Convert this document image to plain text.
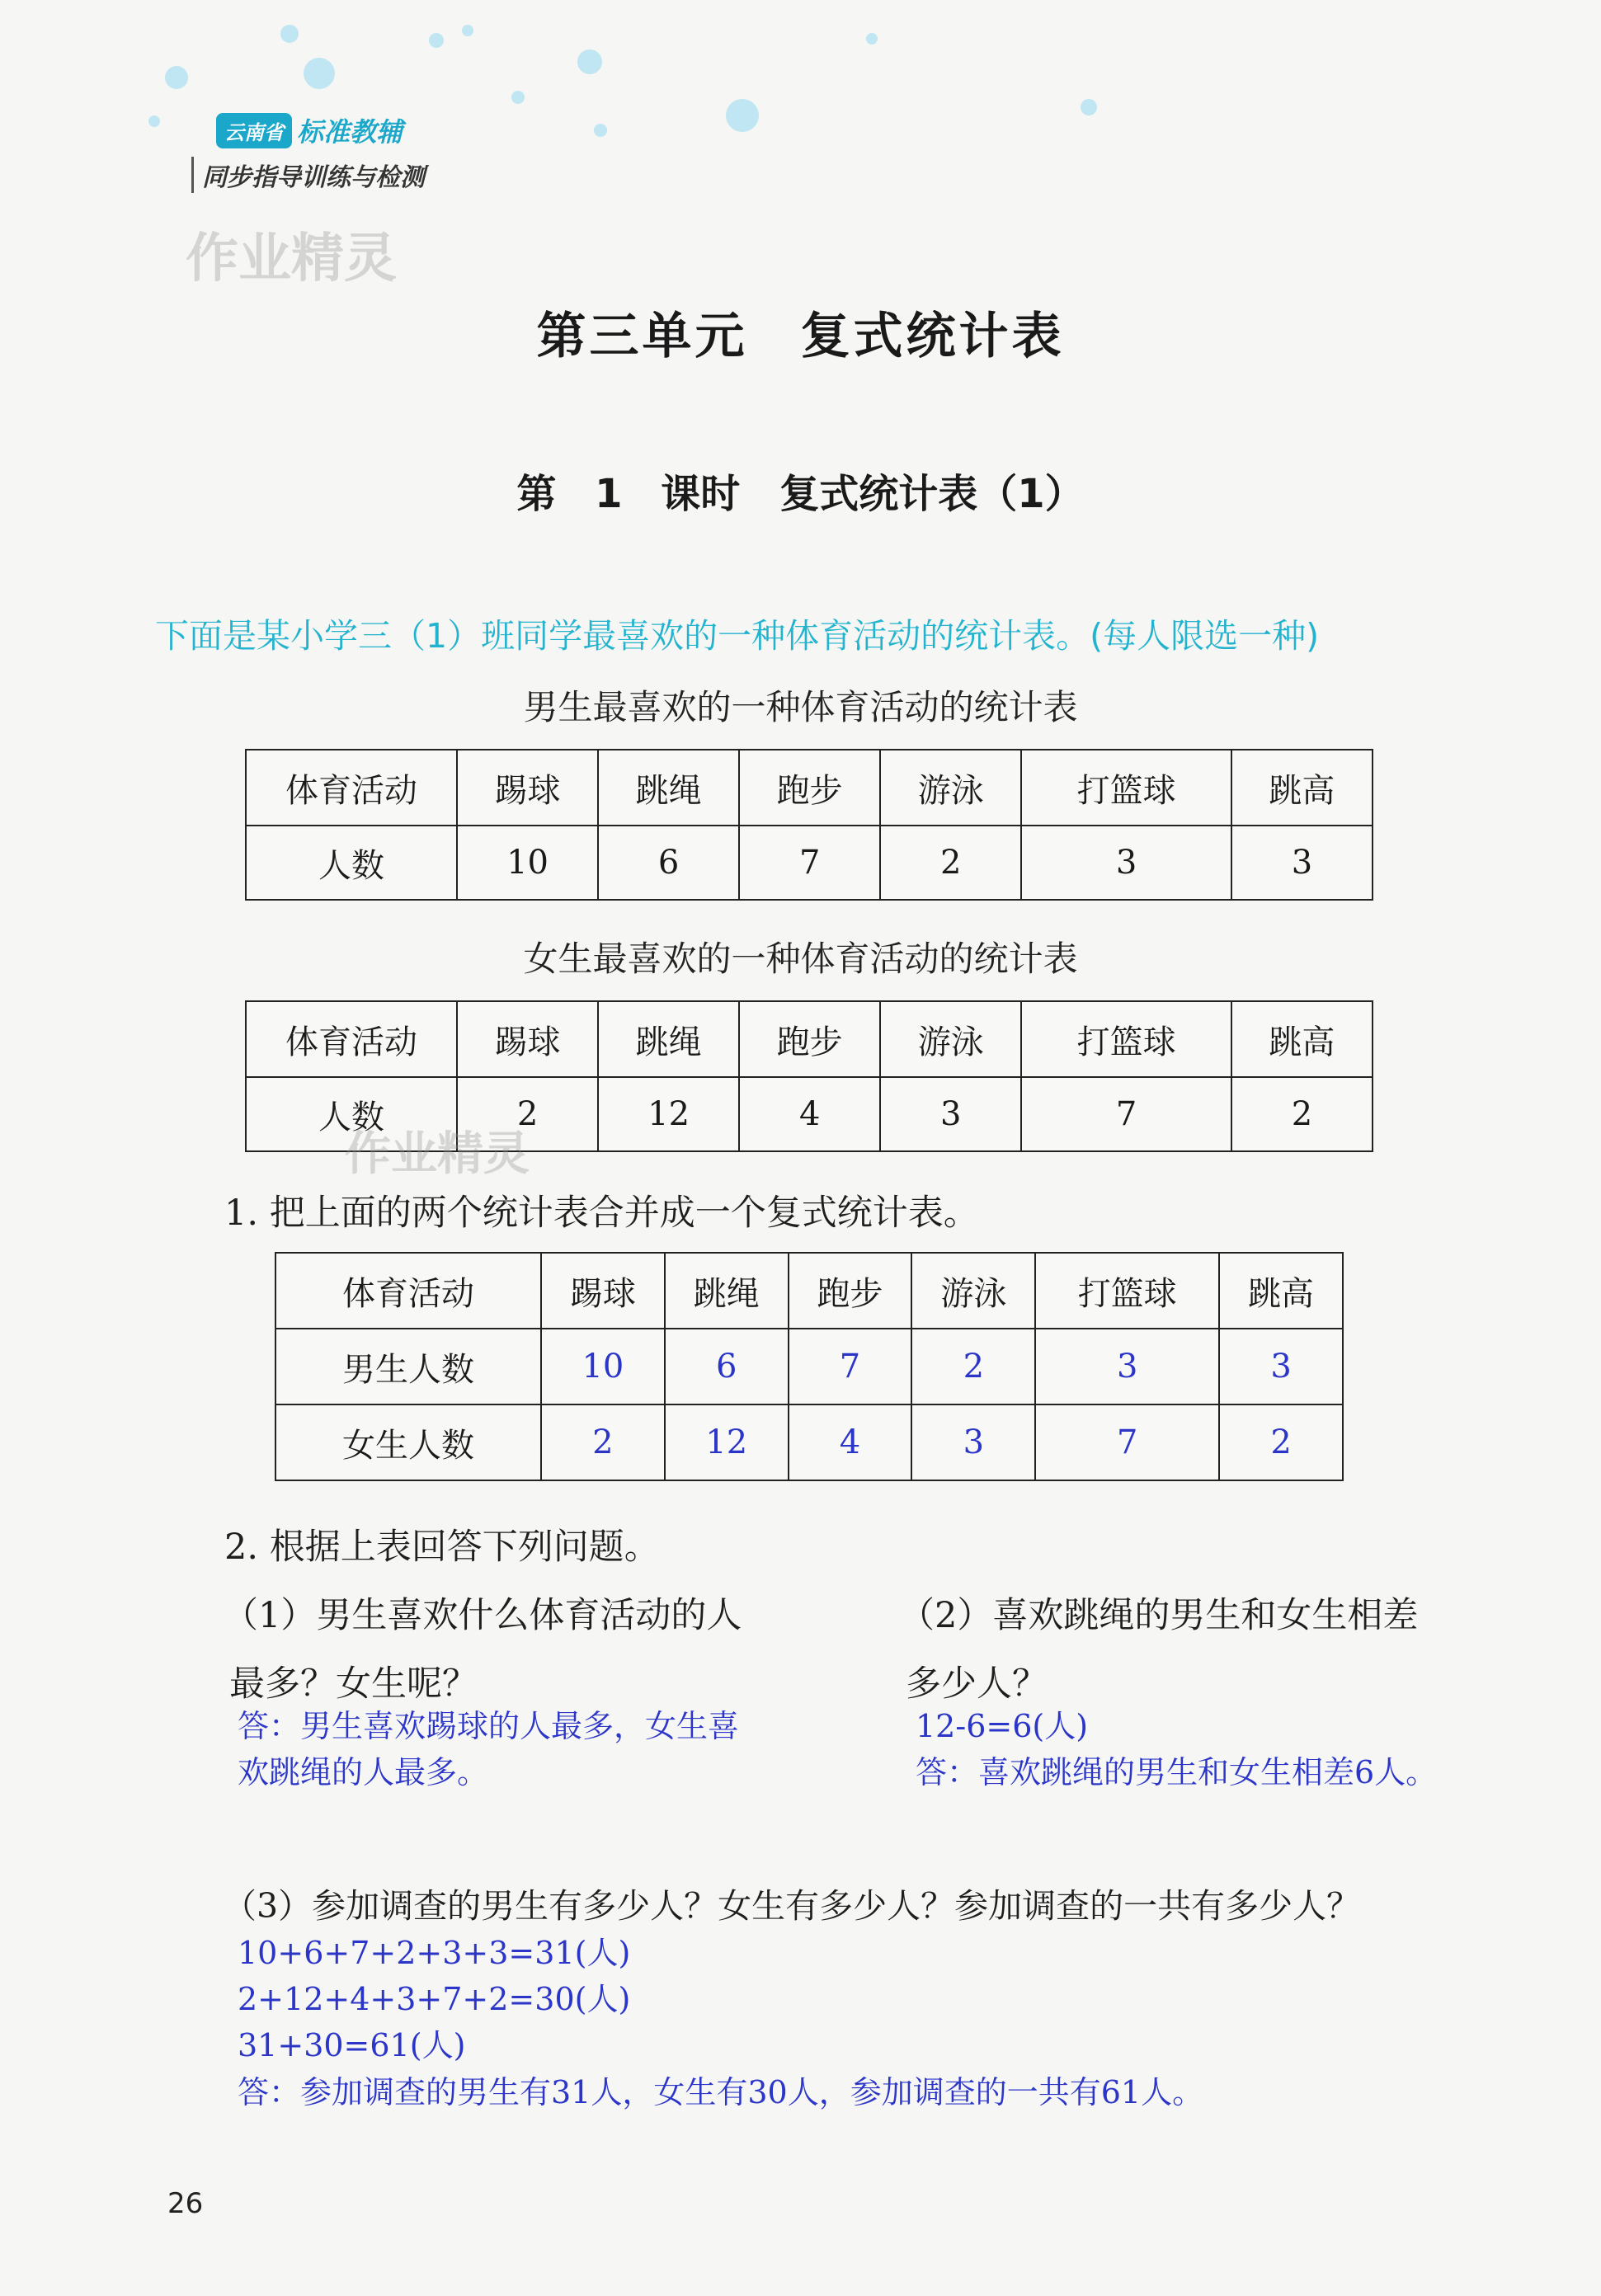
云南省 标准教辅
同步指导训练与检测
作业精灵
第三单元　复式统计表
第 1 课时　复式统计表（1）
下面是某小学三（1）班同学最喜欢的一种体育活动的统计表。(每人限选一种)
男生最喜欢的一种体育活动的统计表
体育活动	踢球	跳绳	跑步	游泳	打篮球	跳高
人数	10	6	7	2	3	3
女生最喜欢的一种体育活动的统计表
体育活动	踢球	跳绳	跑步	游泳	打篮球	跳高
人数	2	12	4	3	7	2
作业精灵
1. 把上面的两个统计表合并成一个复式统计表。
体育活动	踢球	跳绳	跑步	游泳	打篮球	跳高
男生人数	10	6	7	2	3	3
女生人数	2	12	4	3	7	2
2. 根据上表回答下列问题。
（1）男生喜欢什么体育活动的人
最多？女生呢？
答：男生喜欢踢球的人最多，女生喜
欢跳绳的人最多。
（2）喜欢跳绳的男生和女生相差
多少人？
12-6=6(人)
答：喜欢跳绳的男生和女生相差6人。
（3）参加调查的男生有多少人？女生有多少人？参加调查的一共有多少人？
10+6+7+2+3+3=31(人)
2+12+4+3+7+2=30(人)
31+30=61(人)
答：参加调查的男生有31人，女生有30人，参加调查的一共有61人。
26
